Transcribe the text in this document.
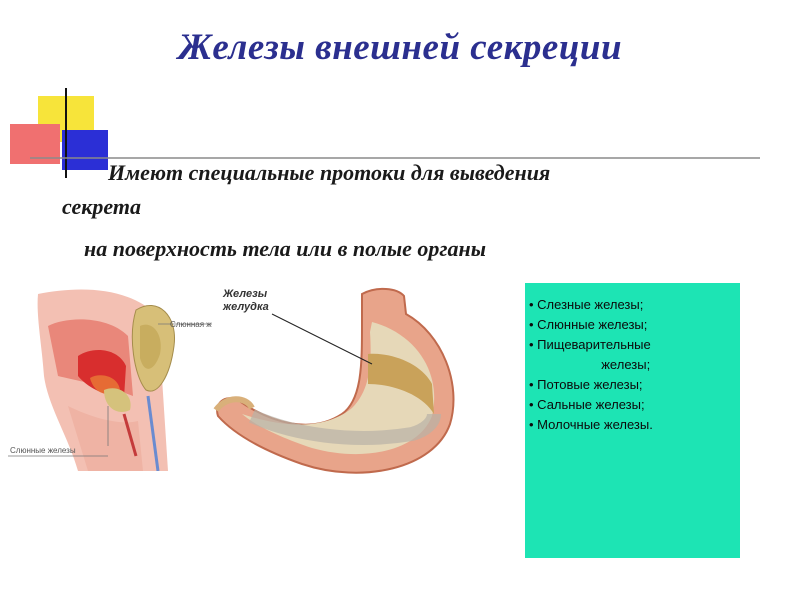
Железы внешней секреции
Имеют специальные протоки для выведения
секрета
на поверхность тела или в полые органы
Слюнная ж
Слюнные железы
Железы
желудка	• Слезные железы;
• Слюнные железы;
• Пищеварительные
железы;
• Потовые железы;
• Сальные железы;
• Молочные железы.
